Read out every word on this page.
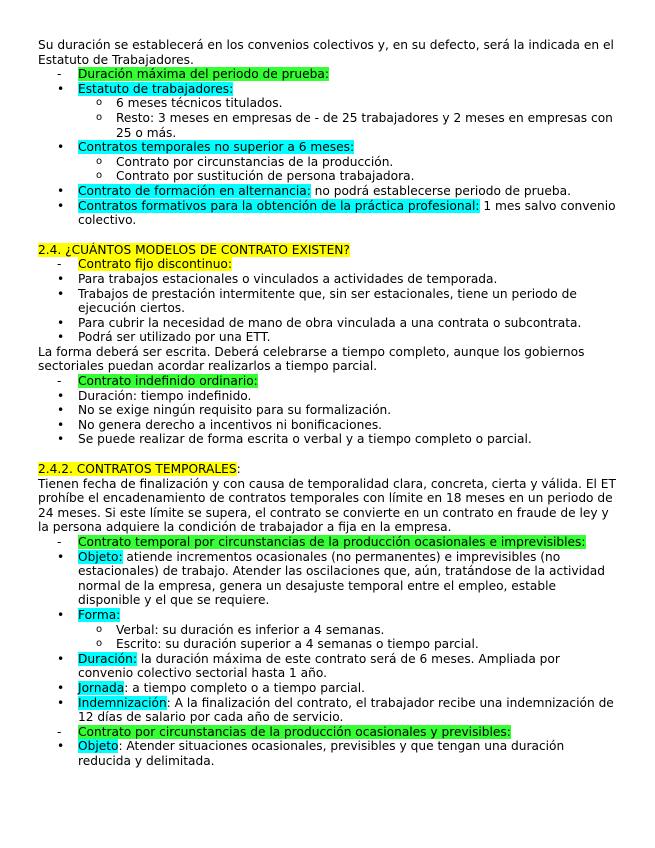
Su duración se establecerá en los convenios colectivos y, en su defecto, será la indicada en el Estatuto de Trabajadores.

- Duración máxima del periodo de prueba:
• Estatuto de trabajadores:
o 6 meses técnicos titulados.
o Resto: 3 meses en empresas de - de 25 trabajadores y 2 meses en empresas con 25 o más.
• Contratos temporales no superior a 6 meses:
o Contrato por circunstancias de la producción.
o Contrato por sustitución de persona trabajadora.
• Contrato de formación en alternancia: no podrá establecerse periodo de prueba.
• Contratos formativos para la obtención de la práctica profesional: 1 mes salvo convenio colectivo.

2.4. ¿CUÁNTOS MODELOS DE CONTRATO EXISTEN?

- Contrato fijo discontinuo:
• Para trabajos estacionales o vinculados a actividades de temporada.
• Trabajos de prestación intermitente que, sin ser estacionales, tiene un periodo de ejecución ciertos.
• Para cubrir la necesidad de mano de obra vinculada a una contrata o subcontrata.
• Podrá ser utilizado por una ETT.

La forma deberá ser escrita. Deberá celebrarse a tiempo completo, aunque los gobiernos sectoriales puedan acordar realizarlos a tiempo parcial.

- Contrato indefinido ordinario:
• Duración: tiempo indefinido.
• No se exige ningún requisito para su formalización.
• No genera derecho a incentivos ni bonificaciones.
• Se puede realizar de forma escrita o verbal y a tiempo completo o parcial.

2.4.2. CONTRATOS TEMPORALES:

Tienen fecha de finalización y con causa de temporalidad clara, concreta, cierta y válida. El ET prohíbe el encadenamiento de contratos temporales con límite en 18 meses en un periodo de 24 meses. Si este límite se supera, el contrato se convierte en un contrato en fraude de ley y la persona adquiere la condición de trabajador a fija en la empresa.

- Contrato temporal por circunstancias de la producción ocasionales e imprevisibles:
• Objeto: atiende incrementos ocasionales (no permanentes) e imprevisibles (no estacionales) de trabajo. Atender las oscilaciones que, aún, tratándose de la actividad normal de la empresa, genera un desajuste temporal entre el empleo, estable disponible y el que se requiere.
• Forma:
o Verbal: su duración es inferior a 4 semanas.
o Escrito: su duración superior a 4 semanas o tiempo parcial.
• Duración: la duración máxima de este contrato será de 6 meses. Ampliada por convenio colectivo sectorial hasta 1 año.
• Jornada: a tiempo completo o a tiempo parcial.
• Indemnización: A la finalización del contrato, el trabajador recibe una indemnización de 12 días de salario por cada año de servicio.
- Contrato por circunstancias de la producción ocasionales y previsibles:
• Objeto: Atender situaciones ocasionales, previsibles y que tengan una duración reducida y delimitada.
